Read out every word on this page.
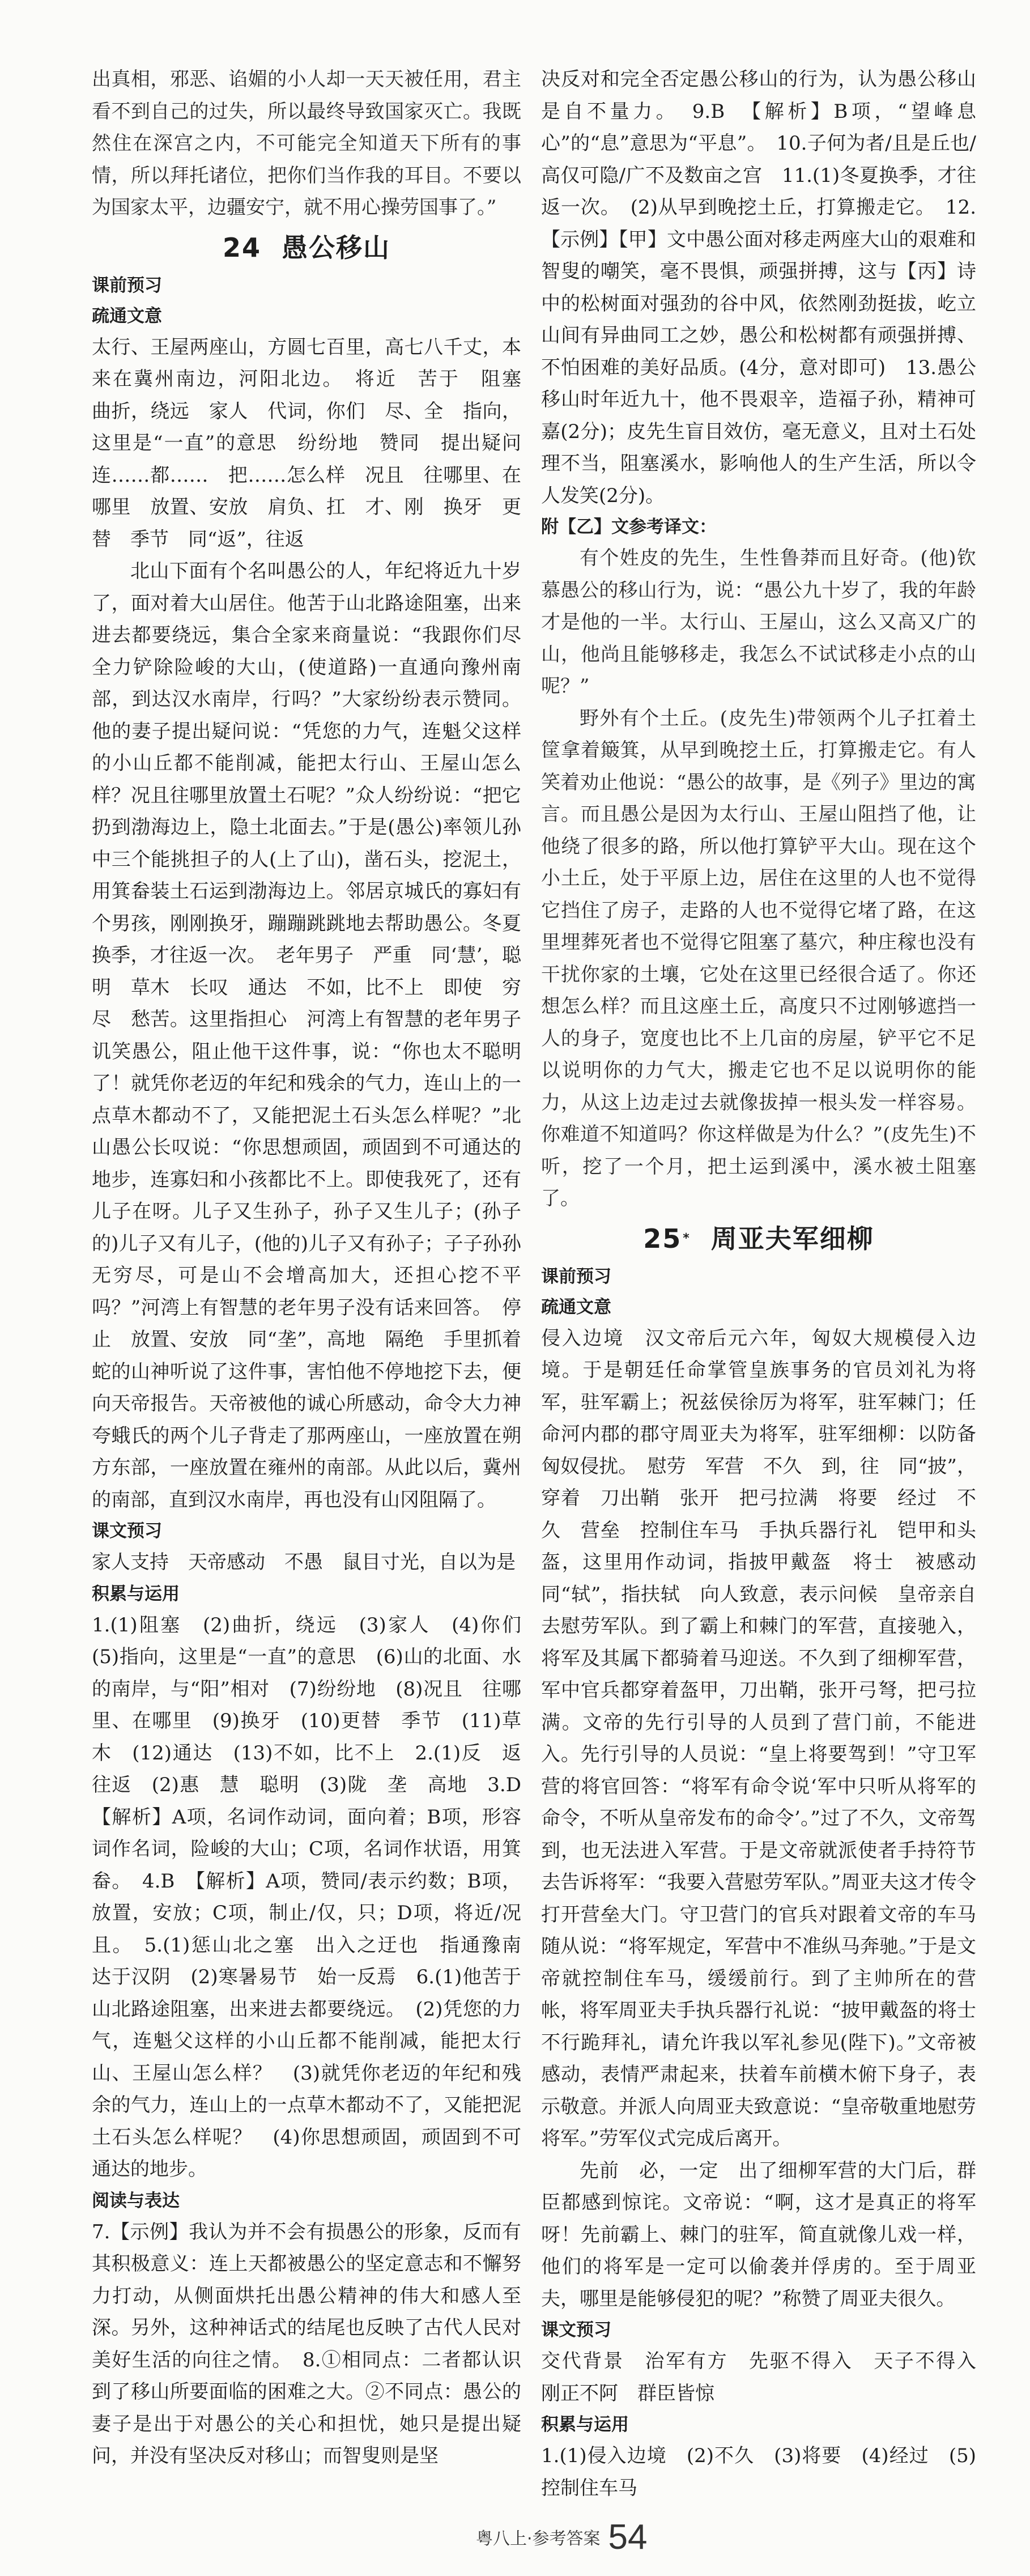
出真相，邪恶、谄媚的小人却一天天被任用，君主看不到自己的过失，所以最终导致国家灭亡。我既然住在深宫之内，不可能完全知道天下所有的事情，所以拜托诸位，把你们当作我的耳目。不要以为国家太平，边疆安宁，就不用心操劳国事了。”

24 愚公移山
课前预习
疏通文意

太行、王屋两座山，方圆七百里，高七八千丈，本来在冀州南边，河阳北边。　将近　苦于　阻塞　曲折，绕远　家人　代词，你们　尽、全　指向，这里是“一直”的意思　纷纷地　赞同　提出疑问　连……都……　把……怎么样　况且　往哪里、在哪里　放置、安放　肩负、扛　才、刚　换牙　更替　季节　同“返”，往返

北山下面有个名叫愚公的人，年纪将近九十岁了，面对着大山居住。他苦于山北路途阻塞，出来进去都要绕远，集合全家来商量说：“我跟你们尽全力铲除险峻的大山，(使道路)一直通向豫州南部，到达汉水南岸，行吗？”大家纷纷表示赞同。他的妻子提出疑问说：“凭您的力气，连魁父这样的小山丘都不能削减，能把太行山、王屋山怎么样？况且往哪里放置土石呢？”众人纷纷说：“把它扔到渤海边上，隐土北面去。”于是(愚公)率领儿孙中三个能挑担子的人(上了山)，凿石头，挖泥土，用箕畚装土石运到渤海边上。邻居京城氏的寡妇有个男孩，刚刚换牙，蹦蹦跳跳地去帮助愚公。冬夏换季，才往返一次。　老年男子　严重　同‘慧’，聪明　草木　长叹　通达　不如，比不上　即使　穷尽　愁苦。这里指担心　河湾上有智慧的老年男子讥笑愚公，阻止他干这件事，说：“你也太不聪明了！就凭你老迈的年纪和残余的气力，连山上的一点草木都动不了，又能把泥土石头怎么样呢？”北山愚公长叹说：“你思想顽固，顽固到不可通达的地步，连寡妇和小孩都比不上。即使我死了，还有儿子在呀。儿子又生孙子，孙子又生儿子；(孙子的)儿子又有儿子，(他的)儿子又有孙子；子子孙孙无穷尽，可是山不会增高加大，还担心挖不平吗？”河湾上有智慧的老年男子没有话来回答。　停止　放置、安放　同“垄”，高地　隔绝　手里抓着蛇的山神听说了这件事，害怕他不停地挖下去，便向天帝报告。天帝被他的诚心所感动，命令大力神夸蛾氏的两个儿子背走了那两座山，一座放置在朔方东部，一座放置在雍州的南部。从此以后，冀州的南部，直到汉水南岸，再也没有山冈阻隔了。

课文预习

家人支持　天帝感动　不愚　鼠目寸光，自以为是

积累与运用

1.(1)阻塞　(2)曲折，绕远　(3)家人　(4)你们　(5)指向，这里是“一直”的意思　(6)山的北面、水的南岸，与“阳”相对　(7)纷纷地　(8)况且　往哪里、在哪里　(9)换牙　(10)更替　季节　(11)草木　(12)通达　(13)不如，比不上　2.(1)反　返　往返　(2)惠　慧　聪明　(3)陇　垄　高地　3.D　【解析】A项，名词作动词，面向着；B项，形容词作名词，险峻的大山；C项，名词作状语，用箕畚。　4.B　【解析】A项，赞同/表示约数；B项，放置，安放；C项，制止/仅，只；D项，将近/况且。　5.(1)惩山北之塞　出入之迂也　指通豫南　达于汉阴　(2)寒暑易节　始一反焉　6.(1)他苦于山北路途阻塞，出来进去都要绕远。　(2)凭您的力气，连魁父这样的小山丘都不能削减，能把太行山、王屋山怎么样？　(3)就凭你老迈的年纪和残余的气力，连山上的一点草木都动不了，又能把泥土石头怎么样呢？　(4)你思想顽固，顽固到不可通达的地步。

阅读与表达

7.【示例】我认为并不会有损愚公的形象，反而有其积极意义：连上天都被愚公的坚定意志和不懈努力打动，从侧面烘托出愚公精神的伟大和感人至深。另外，这种神话式的结尾也反映了古代人民对美好生活的向往之情。　8.①相同点：二者都认识到了移山所要面临的困难之大。②不同点：愚公的妻子是出于对愚公的关心和担忧，她只是提出疑问，并没有坚决反对移山；而智叟则是坚

决反对和完全否定愚公移山的行为，认为愚公移山是自不量力。　9.B　【解析】B项，“望峰息心”的“息”意思为“平息”。　10.子何为者/且是丘也/高仅可隐/广不及数亩之宫　11.(1)冬夏换季，才往返一次。　(2)从早到晚挖土丘，打算搬走它。　12.【示例】【甲】文中愚公面对移走两座大山的艰难和智叟的嘲笑，毫不畏惧，顽强拼搏，这与【丙】诗中的松树面对强劲的谷中风，依然刚劲挺拔，屹立山间有异曲同工之妙，愚公和松树都有顽强拼搏、不怕困难的美好品质。(4分，意对即可)　13.愚公移山时年近九十，他不畏艰辛，造福子孙，精神可嘉(2分)；皮先生盲目效仿，毫无意义，且对土石处理不当，阻塞溪水，影响他人的生产生活，所以令人发笑(2分)。

附【乙】文参考译文：

有个姓皮的先生，生性鲁莽而且好奇。(他)钦慕愚公的移山行为，说：“愚公九十岁了，我的年龄才是他的一半。太行山、王屋山，这么又高又广的山，他尚且能够移走，我怎么不试试移走小点的山呢？”

野外有个土丘。(皮先生)带领两个儿子扛着土筐拿着簸箕，从早到晚挖土丘，打算搬走它。有人笑着劝止他说：“愚公的故事，是《列子》里边的寓言。而且愚公是因为太行山、王屋山阻挡了他，让他绕了很多的路，所以他打算铲平大山。现在这个小土丘，处于平原上边，居住在这里的人也不觉得它挡住了房子，走路的人也不觉得它堵了路，在这里埋葬死者也不觉得它阻塞了墓穴，种庄稼也没有干扰你家的土壤，它处在这里已经很合适了。你还想怎么样？而且这座土丘，高度只不过刚够遮挡一人的身子，宽度也比不上几亩的房屋，铲平它不足以说明你的力气大，搬走它也不足以说明你的能力，从这上边走过去就像拔掉一根头发一样容易。你难道不知道吗？你这样做是为什么？”(皮先生)不听，挖了一个月，把土运到溪中，溪水被土阻塞了。

25* 周亚夫军细柳
课前预习
疏通文意

侵入边境　汉文帝后元六年，匈奴大规模侵入边境。于是朝廷任命掌管皇族事务的官员刘礼为将军，驻军霸上；祝兹侯徐厉为将军，驻军棘门；任命河内郡的郡守周亚夫为将军，驻军细柳：以防备匈奴侵扰。　慰劳　军营　不久　到，往　同“披”，穿着　刀出鞘　张开　把弓拉满　将要　经过　不久　营垒　控制住车马　手执兵器行礼　铠甲和头盔，这里用作动词，指披甲戴盔　将士　被感动　同“轼”，指扶轼　向人致意，表示问候　皇帝亲自去慰劳军队。到了霸上和棘门的军营，直接驰入，将军及其属下都骑着马迎送。不久到了细柳军营，军中官兵都穿着盔甲，刀出鞘，张开弓弩，把弓拉满。文帝的先行引导的人员到了营门前，不能进入。先行引导的人员说：“皇上将要驾到！”守卫军营的将官回答：“将军有命令说‘军中只听从将军的命令，不听从皇帝发布的命令’。”过了不久，文帝驾到，也无法进入军营。于是文帝就派使者手持符节去告诉将军：“我要入营慰劳军队。”周亚夫这才传令打开营垒大门。守卫营门的官兵对跟着文帝的车马随从说：“将军规定，军营中不准纵马奔驰。”于是文帝就控制住车马，缓缓前行。到了主帅所在的营帐，将军周亚夫手执兵器行礼说：“披甲戴盔的将士不行跪拜礼，请允许我以军礼参见(陛下)。”文帝被感动，表情严肃起来，扶着车前横木俯下身子，表示敬意。并派人向周亚夫致意说：“皇帝敬重地慰劳将军。”劳军仪式完成后离开。

先前　必，一定　出了细柳军营的大门后，群臣都感到惊诧。文帝说：“啊，这才是真正的将军呀！先前霸上、棘门的驻军，简直就像儿戏一样，他们的将军是一定可以偷袭并俘虏的。至于周亚夫，哪里是能够侵犯的呢？”称赞了周亚夫很久。

课文预习

交代背景　治军有方　先驱不得入　天子不得入　刚正不阿　群臣皆惊

积累与运用

1.(1)侵入边境　(2)不久　(3)将要　(4)经过　(5)控制住车马

粤八上·参考答案 54
